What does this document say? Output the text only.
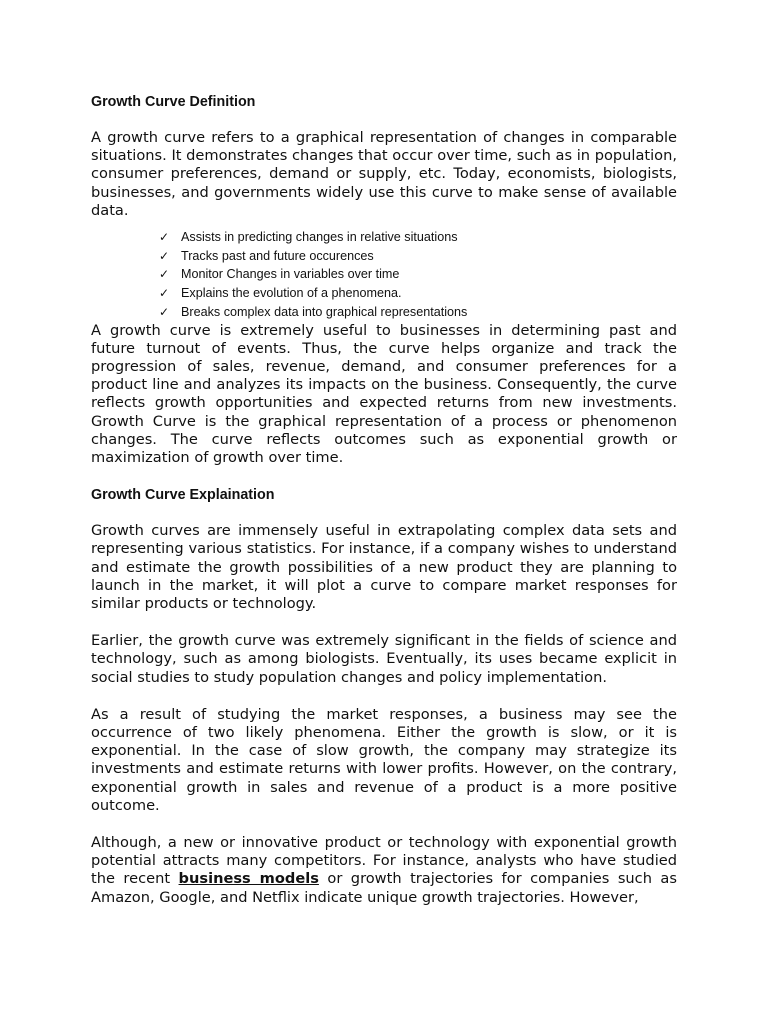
Growth Curve Definition

A growth curve refers to a graphical representation of changes in comparable situations. It demonstrates changes that occur over time, such as in population, consumer preferences, demand or supply, etc. Today, economists, biologists, businesses, and governments widely use this curve to make sense of available data.

✓ Assists in predicting changes in relative situations
✓ Tracks past and future occurences
✓ Monitor Changes in variables over time
✓ Explains the evolution of a phenomena.
✓ Breaks complex data into graphical representations

A growth curve is extremely useful to businesses in determining past and future turnout of events. Thus, the curve helps organize and track the progression of sales, revenue, demand, and consumer preferences for a product line and analyzes its impacts on the business. Consequently, the curve reflects growth opportunities and expected returns from new investments. Growth Curve is the graphical representation of a process or phenomenon changes. The curve reflects outcomes such as exponential growth or maximization of growth over time.

Growth Curve Explaination

Growth curves are immensely useful in extrapolating complex data sets and representing various statistics. For instance, if a company wishes to understand and estimate the growth possibilities of a new product they are planning to launch in the market, it will plot a curve to compare market responses for similar products or technology.

Earlier, the growth curve was extremely significant in the fields of science and technology, such as among biologists. Eventually, its uses became explicit in social studies to study population changes and policy implementation.

As a result of studying the market responses, a business may see the occurrence of two likely phenomena. Either the growth is slow, or it is exponential. In the case of slow growth, the company may strategize its investments and estimate returns with lower profits. However, on the contrary, exponential growth in sales and revenue of a product is a more positive outcome.

Although, a new or innovative product or technology with exponential growth potential attracts many competitors. For instance, analysts who have studied the recent business models or growth trajectories for companies such as Amazon, Google, and Netflix indicate unique growth trajectories. However,
